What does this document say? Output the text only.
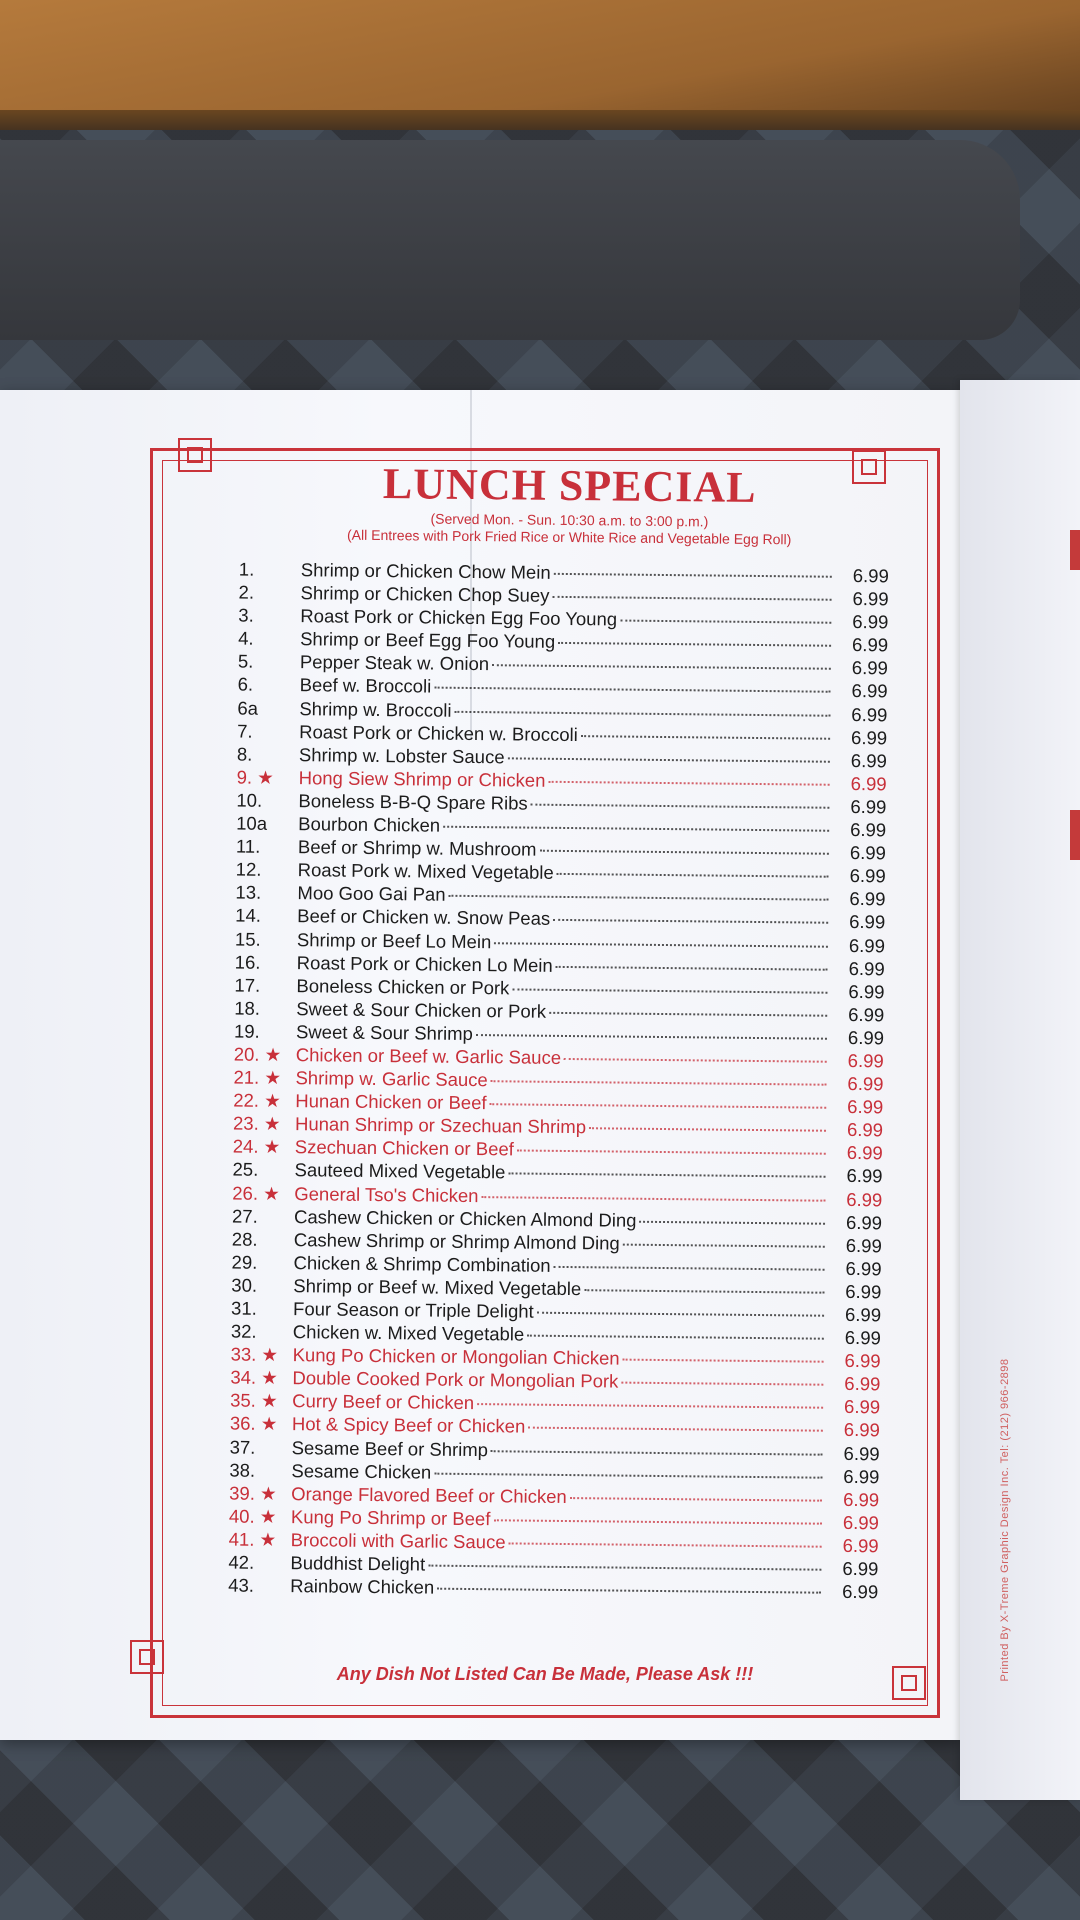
Printed By X-Treme Graphic Design Inc. Tel: (212) 966-2898
LUNCH SPECIAL
(Served Mon. - Sun. 10:30 a.m. to 3:00 p.m.)
(All Entrees with Pork Fried Rice or White Rice and Vegetable Egg Roll)
1.	Shrimp or Chicken Chow Mein	6.99
2.	Shrimp or Chicken Chop Suey	6.99
3.	Roast Pork or Chicken Egg Foo Young	6.99
4.	Shrimp or Beef Egg Foo Young	6.99
5.	Pepper Steak w. Onion	6.99
6.	Beef w. Broccoli	6.99
6a	Shrimp w. Broccoli	6.99
7.	Roast Pork or Chicken w. Broccoli	6.99
8.	Shrimp w. Lobster Sauce	6.99
9. ★	Hong Siew Shrimp or Chicken	6.99
10.	Boneless B-B-Q Spare Ribs	6.99
10a	Bourbon Chicken	6.99
11.	Beef or Shrimp w. Mushroom	6.99
12.	Roast Pork w. Mixed Vegetable	6.99
13.	Moo Goo Gai Pan	6.99
14.	Beef or Chicken w. Snow Peas	6.99
15.	Shrimp or Beef Lo Mein	6.99
16.	Roast Pork or Chicken Lo Mein	6.99
17.	Boneless Chicken or Pork	6.99
18.	Sweet & Sour Chicken or Pork	6.99
19.	Sweet & Sour Shrimp	6.99
20. ★ Chicken or Beef w. Garlic Sauce	6.99
21. ★ Shrimp w. Garlic Sauce	6.99
22. ★ Hunan Chicken or Beef	6.99
23. ★ Hunan Shrimp or Szechuan Shrimp	6.99
24. ★ Szechuan Chicken or Beef	6.99
25.	Sauteed Mixed Vegetable	6.99
26. ★ General Tso's Chicken	6.99
27.	Cashew Chicken or Chicken Almond Ding	6.99
28.	Cashew Shrimp or Shrimp Almond Ding	6.99
29.	Chicken & Shrimp Combination	6.99
30.	Shrimp or Beef w. Mixed Vegetable	6.99
31.	Four Season or Triple Delight	6.99
32.	Chicken w. Mixed Vegetable	6.99
33. ★ Kung Po Chicken or Mongolian Chicken	6.99
34. ★ Double Cooked Pork or Mongolian Pork	6.99
35. ★ Curry Beef or Chicken	6.99
36. ★ Hot & Spicy Beef or Chicken	6.99
37.	Sesame Beef or Shrimp	6.99
38.	Sesame Chicken	6.99
39. ★ Orange Flavored Beef or Chicken	6.99
40. ★ Kung Po Shrimp or Beef	6.99
41. ★ Broccoli with Garlic Sauce	6.99
42.	Buddhist Delight	6.99
43.	Rainbow Chicken	6.99
Any Dish Not Listed Can Be Made, Please Ask !!!
